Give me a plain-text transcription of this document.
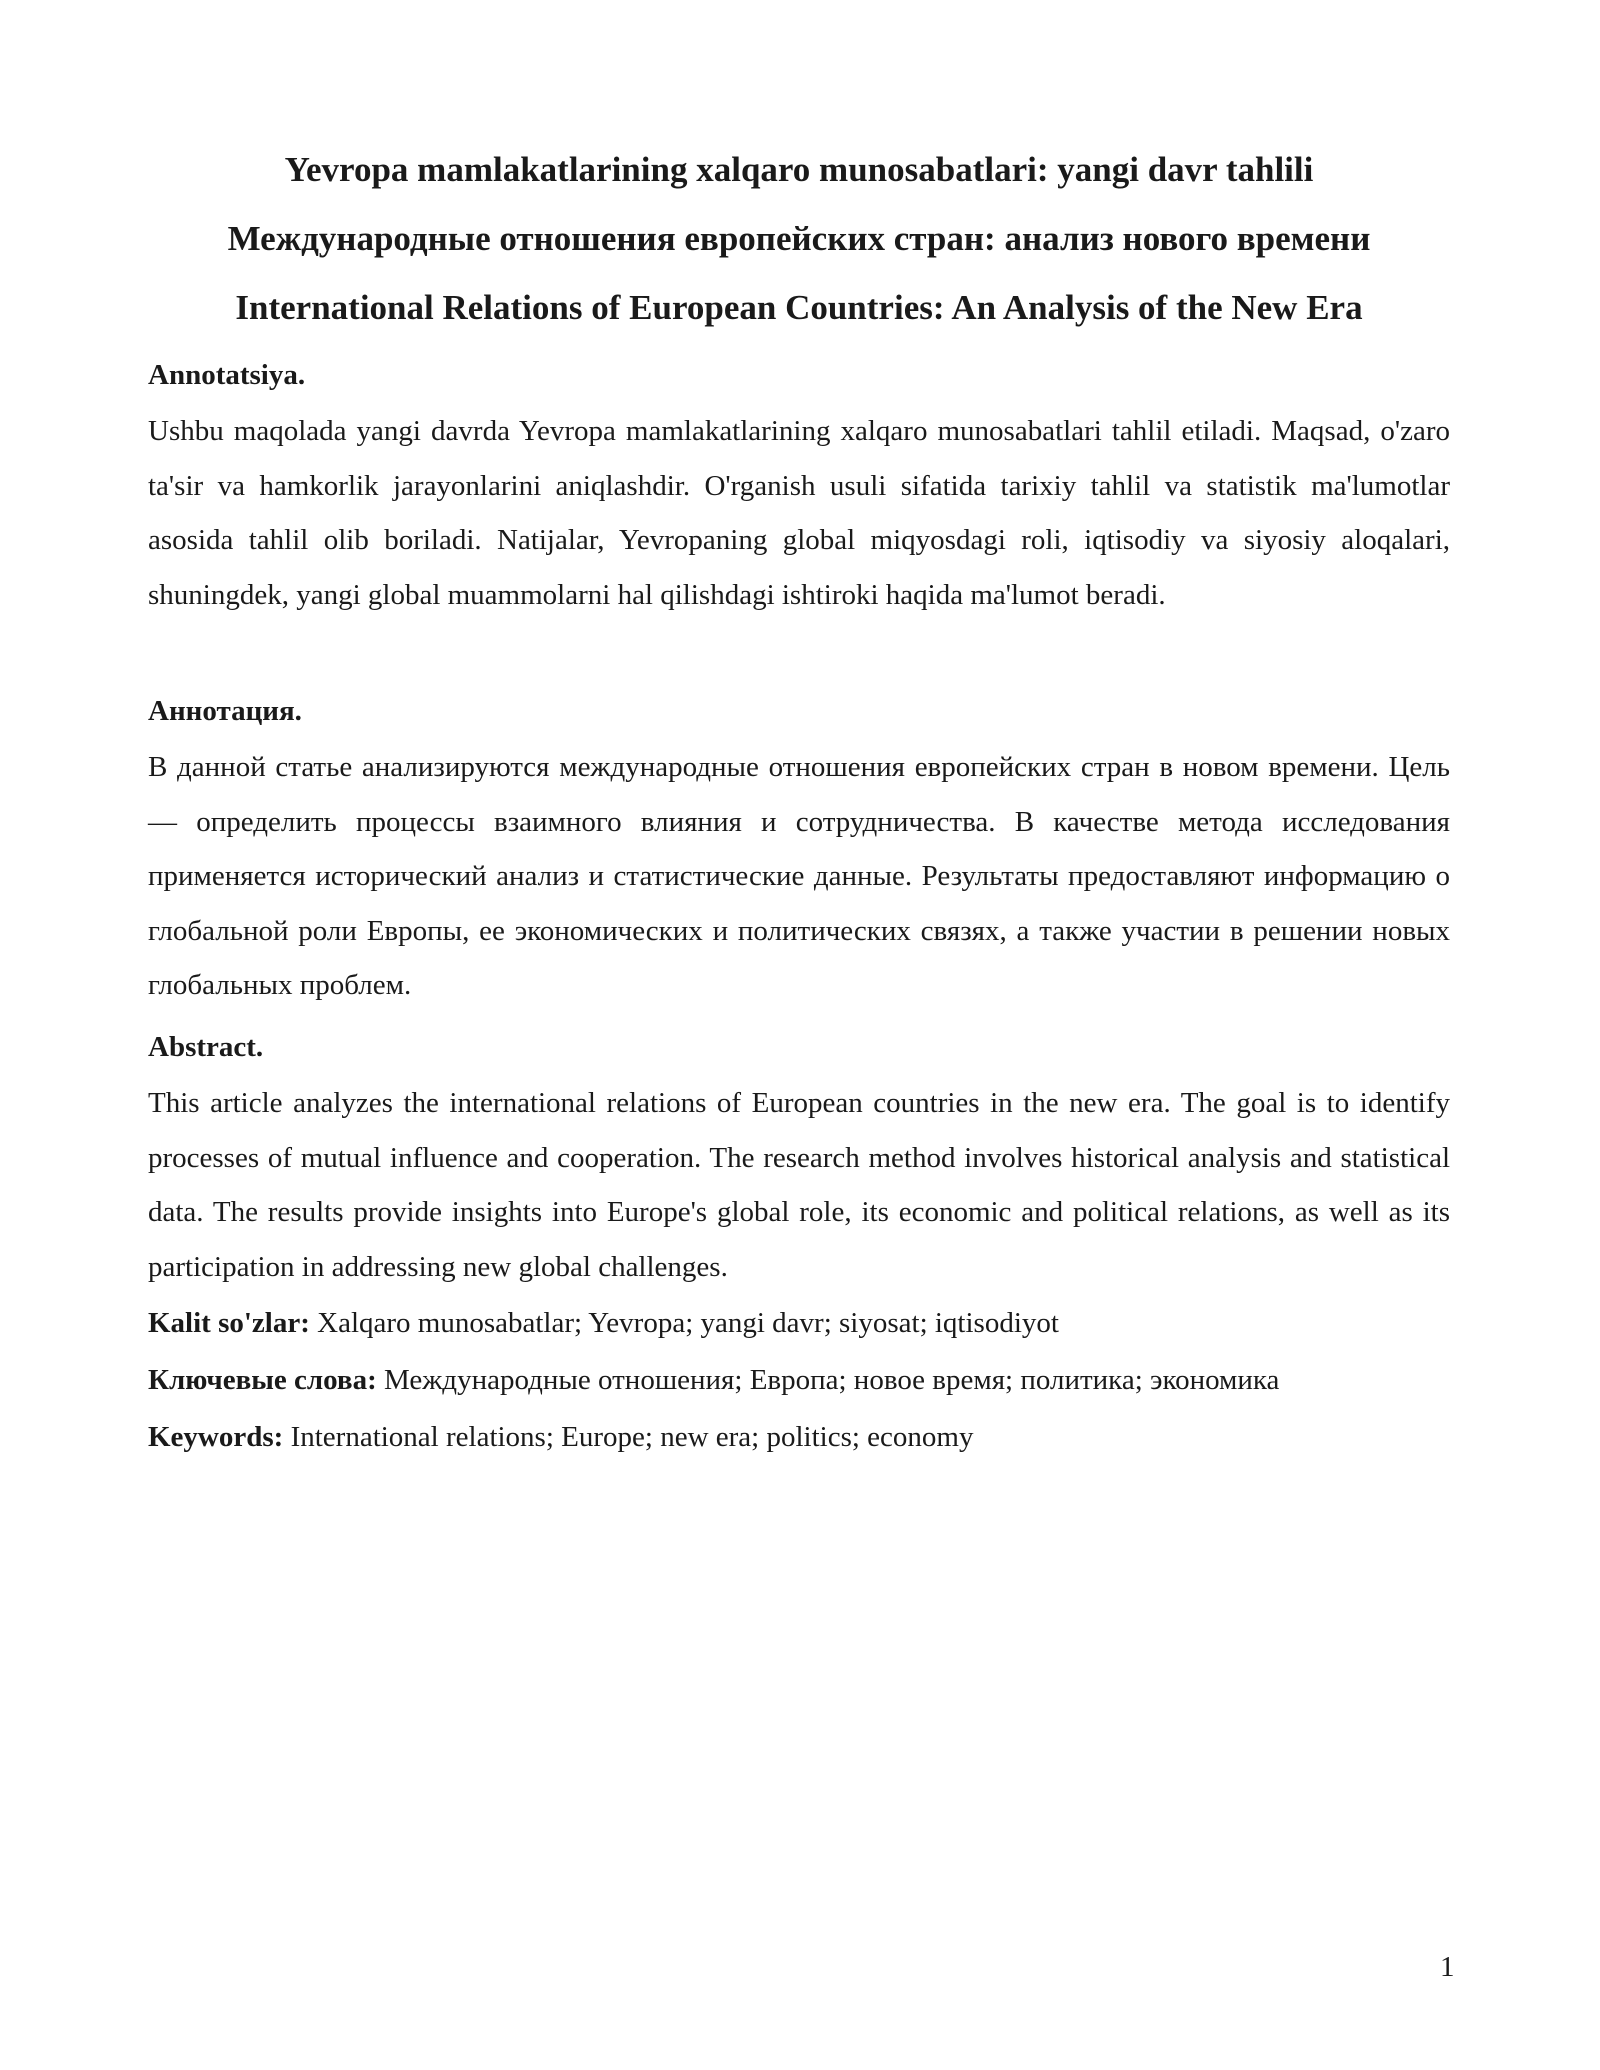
Yevropa mamlakatlarining xalqaro munosabatlari: yangi davr tahlili
Международные отношения европейских стран: анализ нового времени
International Relations of European Countries: An Analysis of the New Era
Annotatsiya.

Ushbu maqolada yangi davrda Yevropa mamlakatlarining xalqaro munosabatlari tahlil etiladi. Maqsad, o'zaro ta'sir va hamkorlik jarayonlarini aniqlashdir. O'rganish usuli sifatida tarixiy tahlil va statistik ma'lumotlar asosida tahlil olib boriladi. Natijalar, Yevropaning global miqyosdagi roli, iqtisodiy va siyosiy aloqalari, shuningdek, yangi global muammolarni hal qilishdagi ishtiroki haqida ma'lumot beradi.

Аннотация.

В данной статье анализируются международные отношения европейских стран в новом времени. Цель — определить процессы взаимного влияния и сотрудничества. В качестве метода исследования применяется исторический анализ и статистические данные. Результаты предоставляют информацию о глобальной роли Европы, ее экономических и политических связях, а также участии в решении новых глобальных проблем.

Abstract.

This article analyzes the international relations of European countries in the new era. The goal is to identify processes of mutual influence and cooperation. The research method involves historical analysis and statistical data. The results provide insights into Europe's global role, its economic and political relations, as well as its participation in addressing new global challenges.

Kalit so'zlar: Xalqaro munosabatlar; Yevropa; yangi davr; siyosat; iqtisodiyot
Ключевые слова: Международные отношения; Европа; новое время; политика; экономика
Keywords: International relations; Europe; new era; politics; economy
1
